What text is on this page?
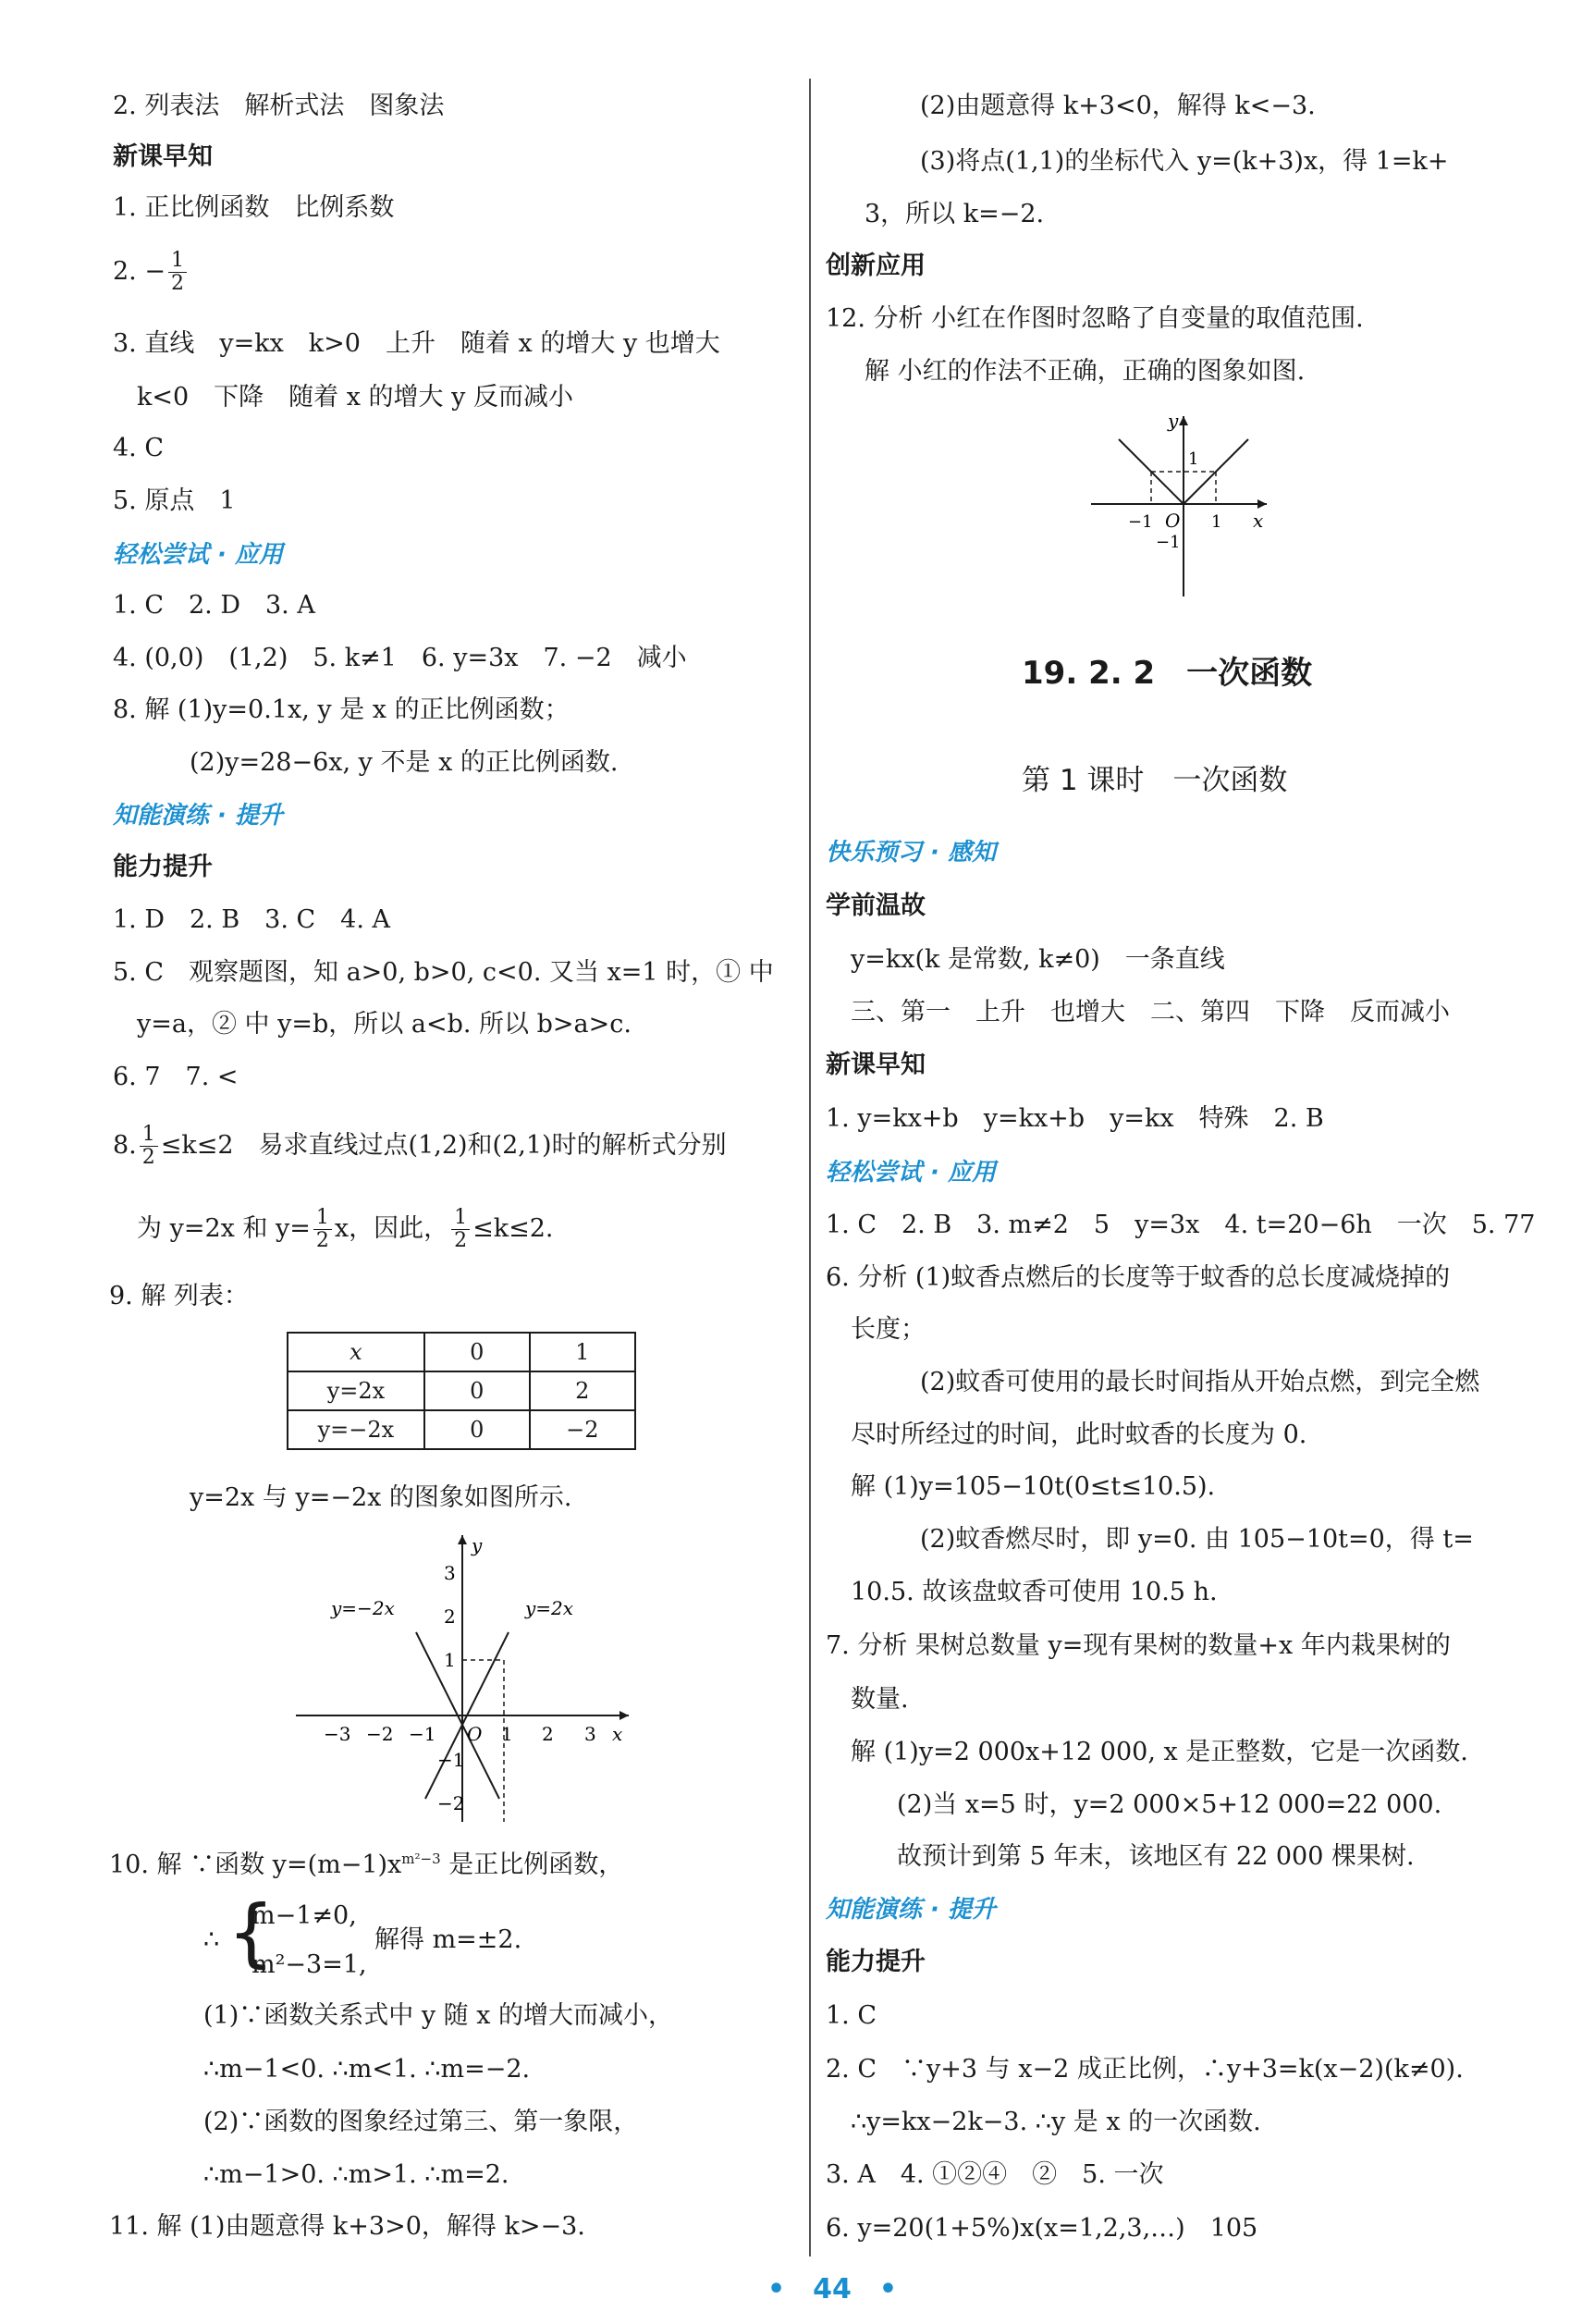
2. 列表法　解析式法　图象法
新课早知
1. 正比例函数　比例系数
2. − $\frac{1}{2}$
3. 直线　y=kx　k>0　上升　随着 x 的增大 y 也增大
k<0　下降　随着 x 的增大 y 反而减小
4. C
5. 原点　1
轻松尝试 · 应用
1. C　2. D　3. A
4. (0,0)　(1,2)　5. k≠1　6. y=3x　7. −2　减小
8. 解 (1)y=0.1x, y 是 x 的正比例函数；
(2)y=28−6x, y 不是 x 的正比例函数.
知能演练 · 提升
能力提升
1. D　2. B　3. C　4. A
5. C　观察题图，知 a>0, b>0, c<0. 又当 x=1 时，① 中
y=a，② 中 y=b，所以 a<b. 所以 b>a>c.
6. 7　7. <
8. $\frac{1}{2} \le k\le 2$　易求直线过点(1,2)和(2,1)时的解析式分别
为 y=2x 和 $y= \frac{1}{2}$ x，因此， $\frac{1}{2} \le k\le 2$.
9. 解 列表：
x	0	1
y=2x	0	2
y=−2x	0	−2
y=2x 与 y=−2x 的图象如图所示.
y
x
O
y=−2x	y=2x
−3 −2 −1	1 2 3
3
2
1
−1
−2
10. 解 ∵函数 $y=(m-1)x^{m^2-3}$ 是正比例函数，
∴ {
m−1≠0,
m²−3=1,
解得 m=±2.
(1)∵函数关系式中 y 随 x 的增大而减小，
∴m−1<0. ∴m<1. ∴m=−2.
(2)∵函数的图象经过第三、第一象限，
∴m−1>0. ∴m>1. ∴m=2.
11. 解 (1)由题意得 k+3>0，解得 k>−3.
(2)由题意得 k+3<0，解得 k<−3.
(3)将点(1,1)的坐标代入 y=(k+3)x，得 1=k+
3，所以 k=−2.
创新应用
12. 分析 小红在作图时忽略了自变量的取值范围.
解 小红的作法不正确，正确的图象如图.
y
x
O
1
−1	1
−1
19. 2. 2　一次函数
第 1 课时　一次函数
快乐预习 · 感知
学前温故
y=kx(k 是常数, k≠0)　一条直线
三、第一　上升　也增大　二、第四　下降　反而减小
新课早知
1. y=kx+b　y=kx+b　y=kx　特殊　2. B
轻松尝试 · 应用
1. C　2. B　3. m≠2　5　y=3x　4. t=20−6h　一次　5. 77
6. 分析 (1)蚊香点燃后的长度等于蚊香的总长度减烧掉的
长度；
(2)蚊香可使用的最长时间指从开始点燃，到完全燃
尽时所经过的时间，此时蚊香的长度为 0.
解 (1)y=105−10t(0≤t≤10.5).
(2)蚊香燃尽时，即 y=0. 由 105−10t=0，得 t=
10.5. 故该盘蚊香可使用 10.5 h.
7. 分析 果树总数量 y=现有果树的数量+x 年内栽果树的
数量.
解 (1)y=2 000x+12 000, x 是正整数，它是一次函数.
(2)当 x=5 时，y=2 000×5+12 000=22 000.
故预计到第 5 年末，该地区有 22 000 棵果树.
知能演练 · 提升
能力提升
1. C
2. C　∵y+3 与 x−2 成正比例，∴y+3=k(x−2)(k≠0).
∴y=kx−2k−3. ∴y 是 x 的一次函数.
3. A　4. ①②④　②　5. 一次
6. y=20(1+5%)x(x=1,2,3,…)　105
•　44　•
